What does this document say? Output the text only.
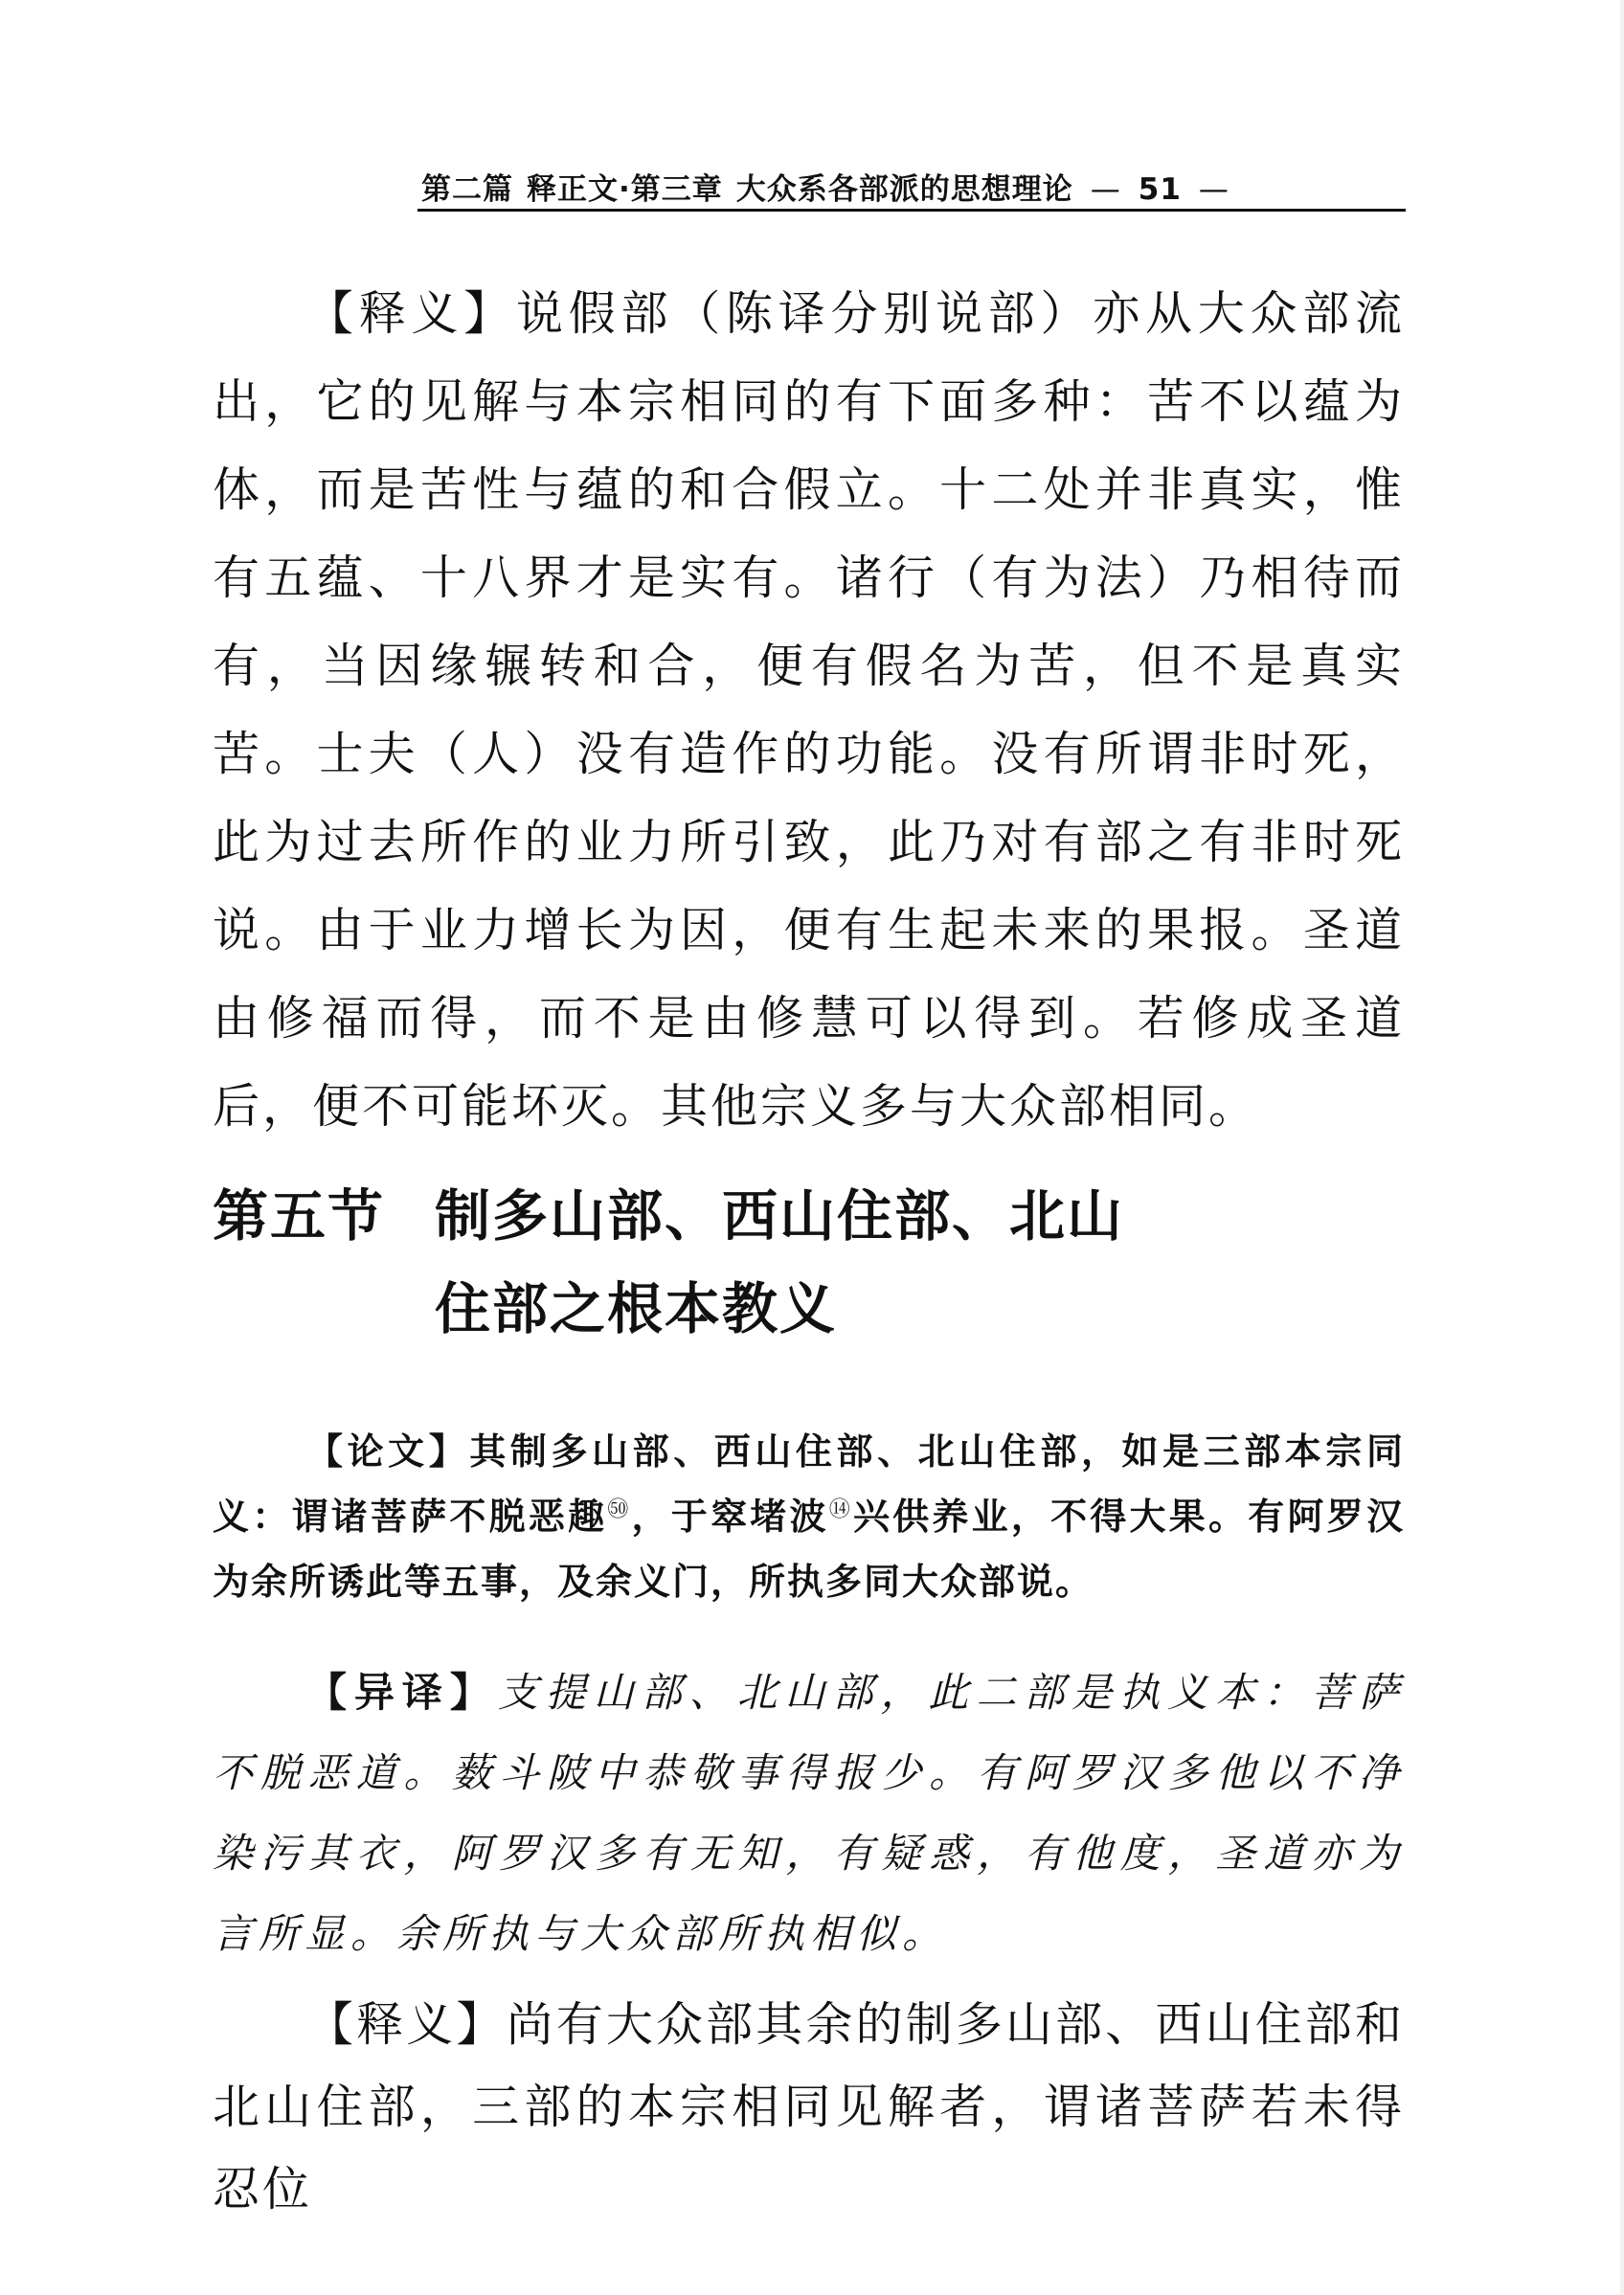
第二篇 释正文·第三章 大众系各部派的思想理论 — 51 —

【释义】说假部（陈译分别说部）亦从大众部流出，它的见解与本宗相同的有下面多种：苦不以蕴为体，而是苦性与蕴的和合假立。十二处并非真实，惟有五蕴、十八界才是实有。诸行（有为法）乃相待而有，当因缘辗转和合，便有假名为苦，但不是真实苦。士夫（人）没有造作的功能。没有所谓非时死，此为过去所作的业力所引致，此乃对有部之有非时死说。由于业力增长为因，便有生起未来的果报。圣道由修福而得，而不是由修慧可以得到。若修成圣道后，便不可能坏灭。其他宗义多与大众部相同。

第五节 制多山部、西山住部、北山
住部之根本教义

【论文】其制多山部、西山住部、北山住部，如是三部本宗同义：谓诸菩萨不脱恶趣$^㊿$，于窣堵波⑭兴供养业，不得大果。有阿罗汉为余所诱此等五事，及余义门，所执多同大众部说。

【异译】支提山部、北山部，此二部是执义本：菩萨不脱恶道。薮斗陂中恭敬事得报少。有阿罗汉多他以不净染污其衣，阿罗汉多有无知，有疑惑，有他度，圣道亦为言所显。余所执与大众部所执相似。

【释义】尚有大众部其余的制多山部、西山住部和北山住部，三部的本宗相同见解者，谓诸菩萨若未得忍位
